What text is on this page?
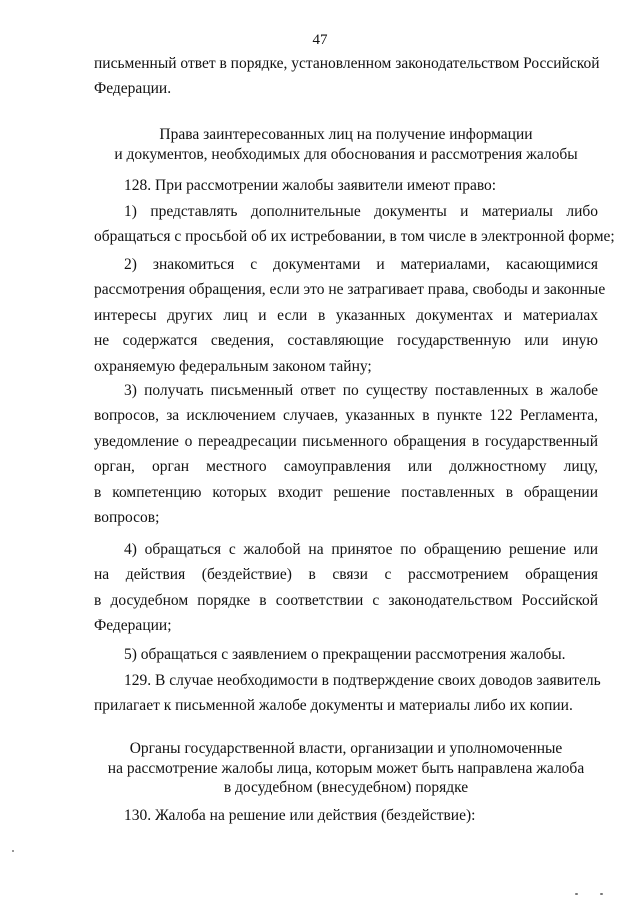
47
письменный ответ в порядке, установленном законодательством Российской
Федерации.
Права заинтересованных лиц на получение информации
и документов, необходимых для обоснования и рассмотрения жалобы
128. При рассмотрении жалобы заявители имеют право:
1) представлять дополнительные документы и материалы либо
обращаться с просьбой об их истребовании, в том числе в электронной форме;
2) знакомиться с документами и материалами, касающимися
рассмотрения обращения, если это не затрагивает права, свободы и законные
интересы других лиц и если в указанных документах и материалах
не содержатся сведения, составляющие государственную или иную
охраняемую федеральным законом тайну;
3) получать письменный ответ по существу поставленных в жалобе
вопросов, за исключением случаев, указанных в пункте 122 Регламента,
уведомление о переадресации письменного обращения в государственный
орган, орган местного самоуправления или должностному лицу,
в компетенцию которых входит решение поставленных в обращении
вопросов;
4) обращаться с жалобой на принятое по обращению решение или
на действия (бездействие) в связи с рассмотрением обращения
в досудебном порядке в соответствии с законодательством Российской
Федерации;
5) обращаться с заявлением о прекращении рассмотрения жалобы.
129. В случае необходимости в подтверждение своих доводов заявитель
прилагает к письменной жалобе документы и материалы либо их копии.
Органы государственной власти, организации и уполномоченные
на рассмотрение жалобы лица, которым может быть направлена жалоба
в досудебном (внесудебном) порядке
130. Жалоба на решение или действия (бездействие):
